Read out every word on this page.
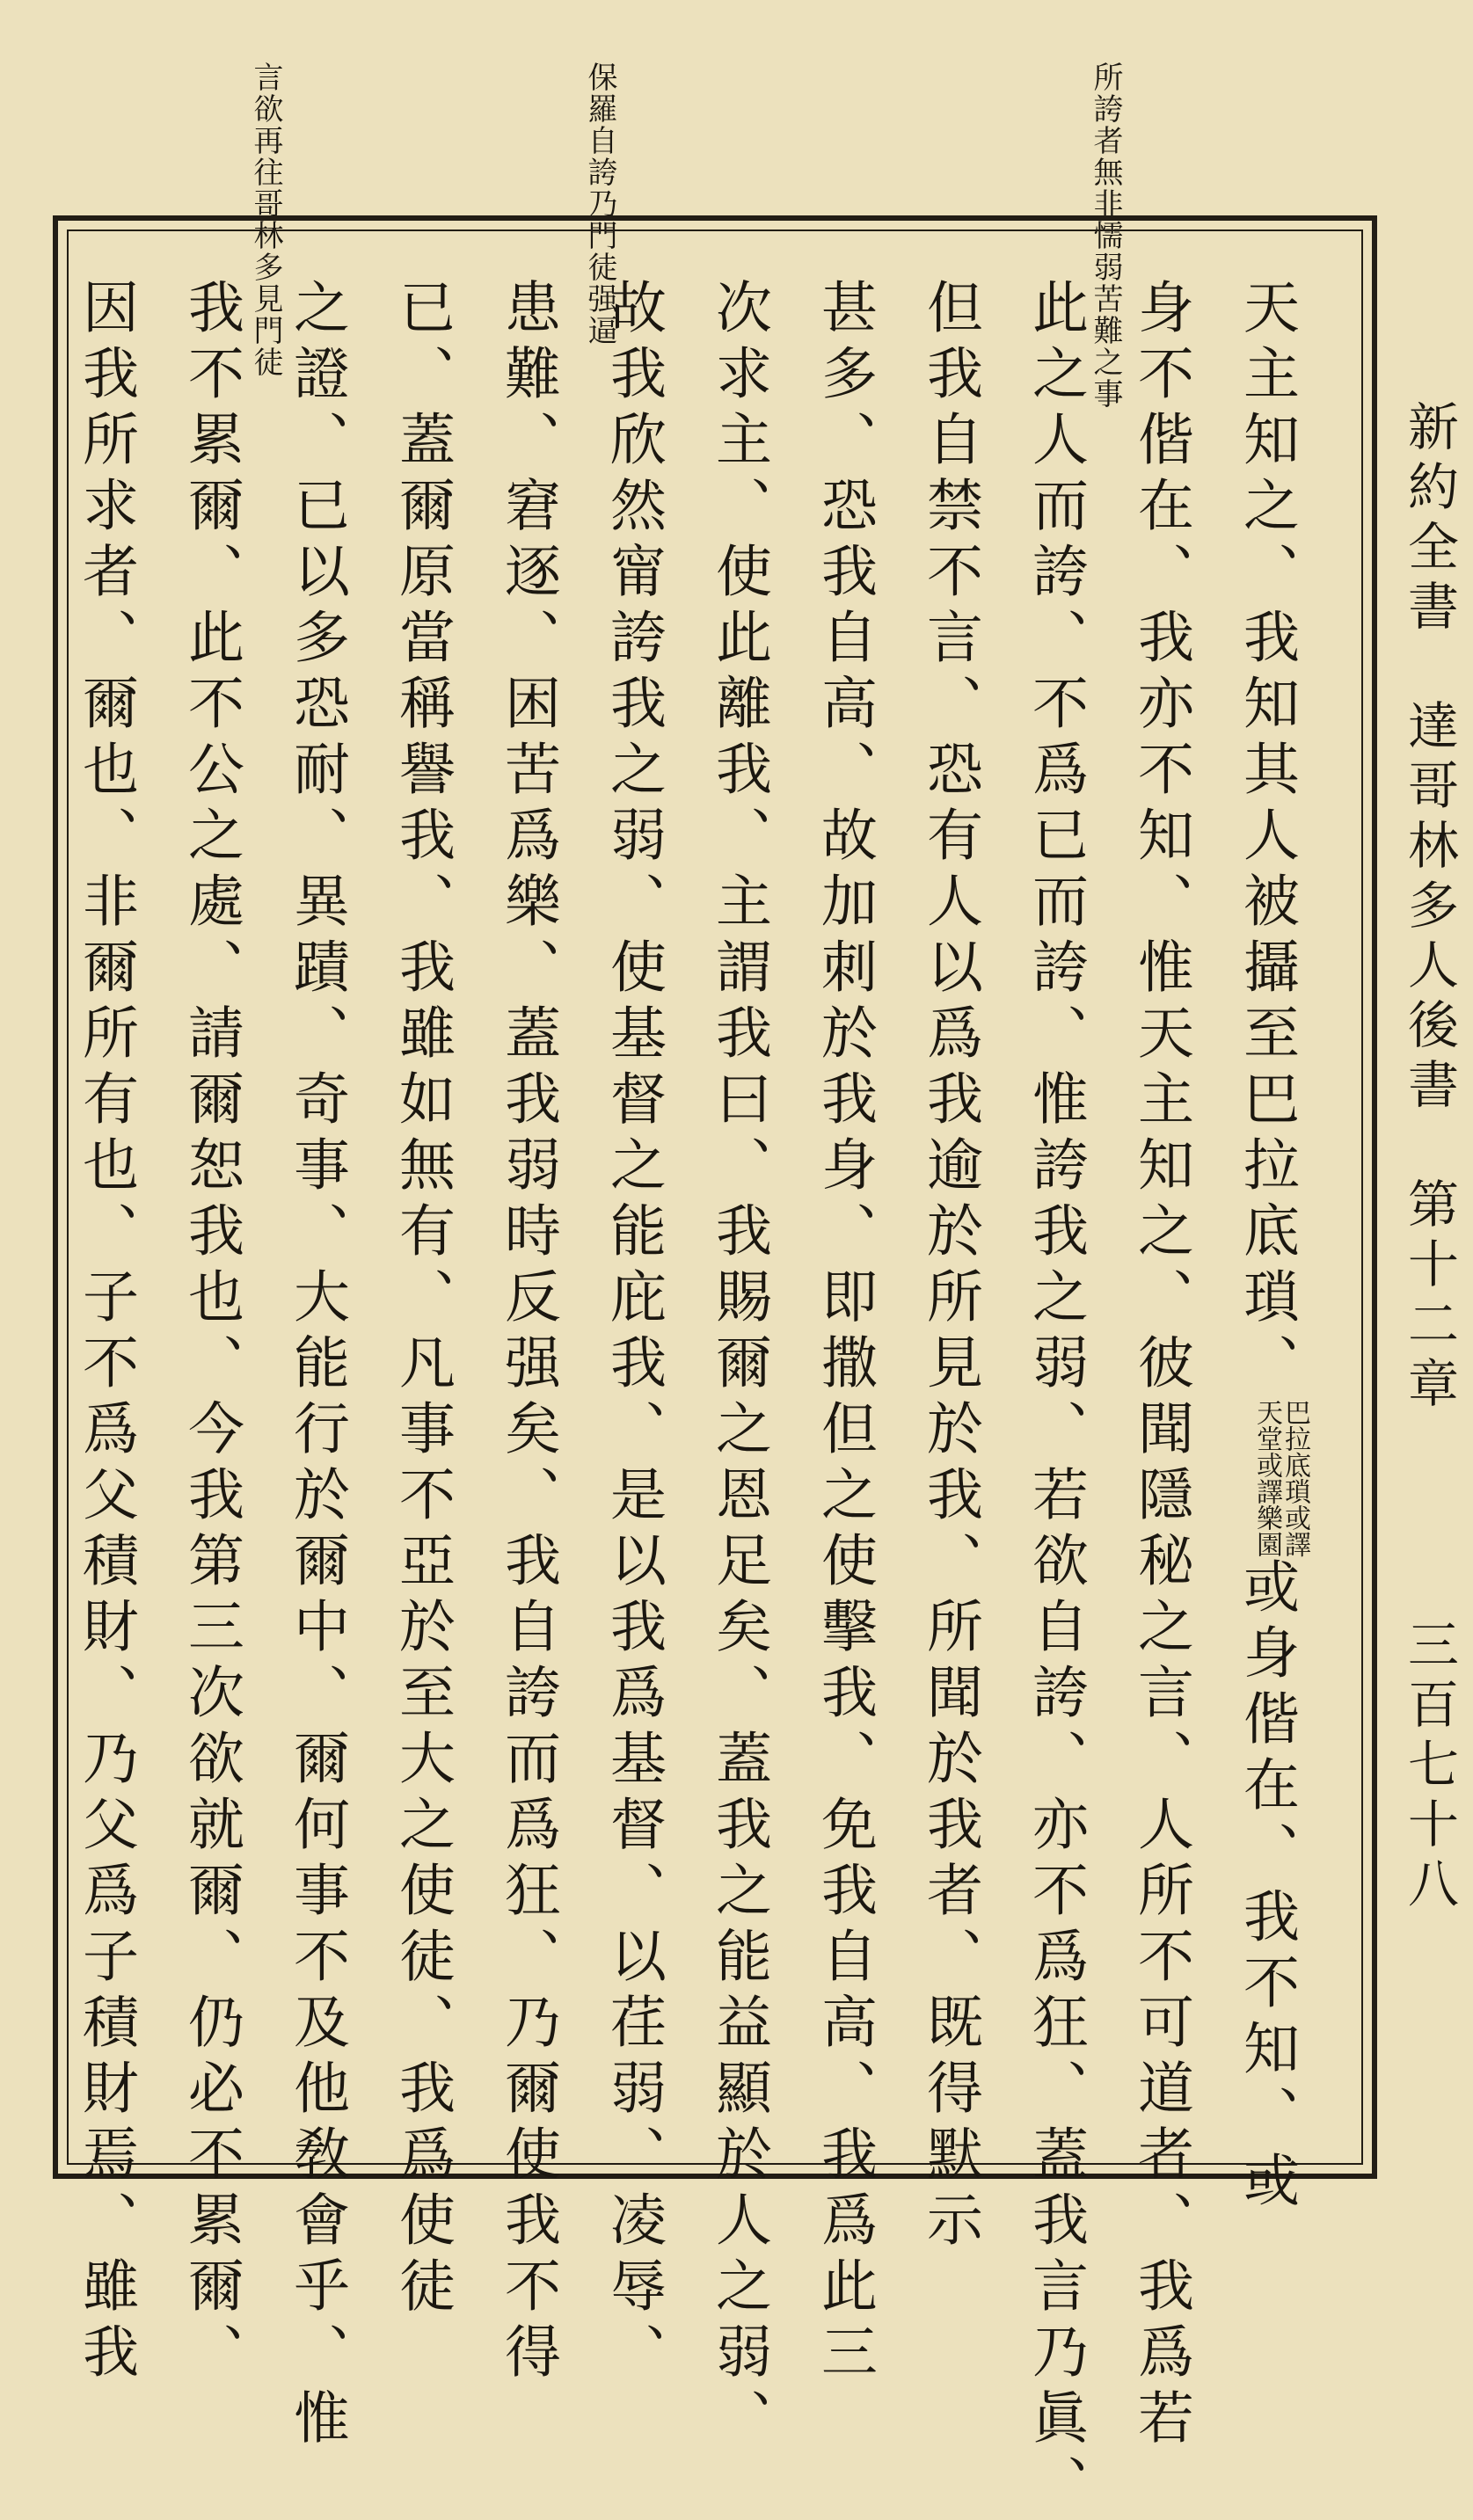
所誇者無非懦弱苦難之事
保羅自誇乃門徒强逼
言欲再往哥林多見門徒
新約全書　達哥林多人後書　第十二章
三百七十八
天主知之、我知其人被攝至巴拉底瑣、
巴拉底瑣或譯
天堂或譯樂園
或身偕在、我不知、或
身不偕在、我亦不知、惟天主知之、彼聞隱秘之言、人所不可道者、我爲若
此之人而誇、不爲已而誇、惟誇我之弱、若欲自誇、亦不爲狂、蓋我言乃眞、
但我自禁不言、恐有人以爲我逾於所見於我、所聞於我者、既得默示
甚多、恐我自高、故加刺於我身、即撒但之使擊我、免我自高、我爲此三
次求主、使此離我、主謂我曰、我賜爾之恩足矣、蓋我之能益顯於人之弱、
故我欣然甯誇我之弱、使基督之能庇我、是以我爲基督、以荏弱、凌辱、
患難、窘逐、困苦爲樂、蓋我弱時反强矣、我自誇而爲狂、乃爾使我不得
已、蓋爾原當稱譽我、我雖如無有、凡事不亞於至大之使徒、我爲使徒
之證、已以多恐耐、異蹟、奇事、大能行於爾中、爾何事不及他敎會乎、惟
我不累爾、此不公之處、請爾恕我也、今我第三次欲就爾、仍必不累爾、
因我所求者、爾也、非爾所有也、子不爲父積財、乃父爲子積財焉、雖我
